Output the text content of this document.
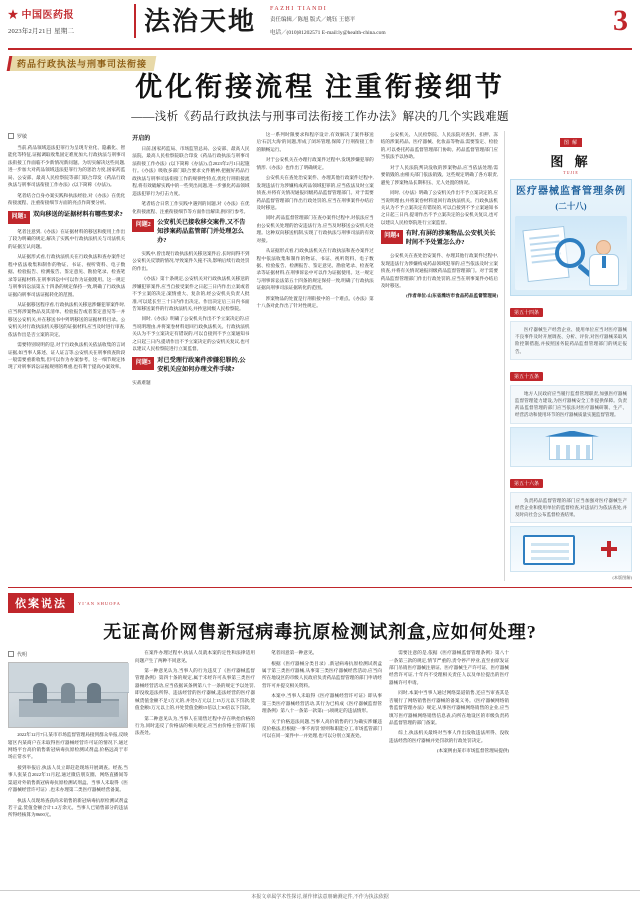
★ 中国医药报
2023年2月21日 星期二	法治天地 FAZHI TIANDI
责任编辑／陈旭 版式／姚钰 王德平
电话／(010)81202571 E-mail:ly@health-china.com	3
药品行政执法与刑事司法衔接
优化衔接流程 注重衔接细节
——浅析《药品行政执法与刑事司法衔接工作办法》解决的几个实践难题
罗敏

当前,药品领域违法犯罪行为呈现专业化、隐蔽化、智能化等特征,证据调取收集固定难度加大,行政执法与刑事司法衔接工作面临不少新情况新问题。为切实解决这些问题,进一步加大对药品领域违法犯罪行为的惩治力度,国家药监局、公安部、最高人民检察院等部门联合印发《药品行政执法与刑事司法衔接工作办法》(以下简称《办法》)。

笔者结合自身办案实践和执法经验,对《办法》在优化衔接流程、注重衔接细节方面的亮点作简要分析。

问题1	双向移送的证据材料有哪些要求?

笔者注意到,《办法》在证据材料的移送和使用上作出了较为明确的规定,解决了实践中行政执法机关与司法机关的证据互认问题。

从证据形式看,行政执法机关在行政执法和查办案件过程中依法收集和制作的物证、书证、视听资料、电子数据、检验报告、检测报告、鉴定意见、勘验笔录、检查笔录等证据材料,在刑事诉讼中可以作为证据使用。这一规定与刑事诉讼法第五十四条的规定保持一致,明确了行政执法证据向刑事司法证据转化的范围。

从证据移送程序看,行政执法机关移送涉嫌犯罪案件时,应当将涉案物品及其清单、检验报告或者鉴定意见等一并移送公安机关,并在移送书中列明移送的证据材料目录。公安机关对行政执法机关移送的证据材料,应当及时进行审查,依法作出是否立案的决定。

需要特别说明的是,对于行政执法机关依法收集的言词证据,如当事人陈述、证人证言等,公安机关在刑事侦查阶段一般需要重新收集,但可以作为办案参考。这一细节规定体现了对刑事诉讼证据规则的尊重,也有利于提高办案效率。

开启的

日前,国家药监局、市场监管总局、公安部、最高人民法院、最高人民检察院联合印发《药品行政执法与刑事司法衔接工作办法》(以下简称《办法》),自2023年2月1日起施行。《办法》吸收多部门联合要求文件精神,把握好药品行政执法与刑事司法衔接工作的规律性特点,优化行刑衔接流程,将有效破解实践中的一些突出问题,进一步强化药品领域违法犯罪行为打击力度。

笔者结合日常工作实践中遇到的问题,对《办法》在优化衔接流程、注重衔接细节等方面作出解读,供同行参考。

问题2	公安机关已接收移交案件,又不告知涉案药品监管部门并处理怎么办?

实践中,曾出现行政执法机关移送案件后,长时间得不到公安机关反馈的情况,导致案件久拖不决,影响后续行政处罚的作出。

《办法》第十条规定,公安机关对行政执法机关移送的涉嫌犯罪案件,应当自接受案件之日起三日内作出立案或者不予立案的决定;案情重大、复杂的,经公安机关负责人批准,可以延长至三十日内作出决定。作出决定后三日内书面告知移送案件的行政执法机关,并抄送同级人民检察院。

同时,《办法》明确了公安机关作出不予立案决定的,应当说明理由,并将案卷材料退回行政执法机关。行政执法机关认为不予立案决定有错误的,可以自接到不予立案通知书之日起三日内,提请作出不予立案决定的公安机关复议,也可以建议人民检察院进行立案监督。

问题3	对已受理行政案件涉嫌犯罪的,公安机关应如何办理文件手续?

实战难题

这一系列时限要求和程序设计,有效解决了案件移送后'石沉大海'的问题,形成了闭环管理,保障了行刑衔接工作的顺畅运行。

对于公安机关在办理行政案件过程中,发现涉嫌犯罪的情形,《办法》也作出了明确规定。

公安机关在查处治安案件、办理其他行政案件过程中,发现违法行为涉嫌构成药品领域犯罪的,应当依法及时立案侦查,并将有关情况通报同级药品监督管理部门。对于需要药品监督管理部门作出行政处罚的,应当在刑事案件办结后及时移送。

同时,药品监督管理部门在查办案件过程中,对依法应当由公安机关处理的治安违法行为,应当及时移送公安机关处理。这种双向移送机制,实现了行政执法与刑事司法的有效对接。

从证据形式看,行政执法机关在行政执法和查办案件过程中依法收集和制作的物证、书证、视听资料、电子数据、检验报告、检测报告、鉴定意见、勘验笔录、检查笔录等证据材料,在刑事诉讼中可以作为证据使用。这一规定与刑事诉讼法第五十四条的规定保持一致,明确了行政执法证据向刑事司法证据转化的范围。

涉案物品的处置是行刑衔接中的一个难点。《办法》第十八条对此作出了针对性规定。

公安机关、人民检察院、人民法院对查封、扣押、冻结的涉案药品、医疗器械、化妆品等物品,需要鉴定、检验的,可以委托药品监督管理部门协助。药品监督管理部门应当依法予以协助。

对于人民法院判决没收的涉案物品,应当依法处理;需要销毁的,由相关部门依法销毁。这些规定明确了各方职责,避免了涉案物品长期积压、无人处置的情况。

同时,《办法》明确了公安机关作出不予立案决定的,应当说明理由,并将案卷材料退回行政执法机关。行政执法机关认为不予立案决定有错误的,可以自接到不予立案通知书之日起三日内,提请作出不予立案决定的公安机关复议,也可以建议人民检察院进行立案监督。

问题4	有时,有屏的涉案物品,公安机关长时间不予处置怎么办?

公安机关在查处治安案件、办理其他行政案件过程中,发现违法行为涉嫌构成药品领域犯罪的,应当依法及时立案侦查,并将有关情况通报同级药品监督管理部门。对于需要药品监督管理部门作出行政处罚的,应当在刑事案件办结后及时移送。

(作者单位:山东省潍坊市食品药品监督管理局)

图 解
图 解
TUJIE
医疗器械监督管理条例
(二十八)
第五十四条
医疗器械生产经营企业、使用单位应当对医疗器械不良事件及时开展调查、分析、评价,对医疗器械采取风险控制措施,并按照国务院药品监督管理部门的规定报告。
第五十五条
地方人民政府应当履行监督管理职责,加强医疗器械监督管理能力建设,为医疗器械安全工作提供保障。负责药品监督管理的部门应当依法对医疗器械研制、生产、经营活动和使用环节的医疗器械质量实施监督管理。
第五十六条
负责药品监督管理的部门应当加强对医疗器械生产经营企业和使用单位的监督检查,对违法行为依法查处,并及时向社会公布监督检查结果。
(本版图解)
依案说法	YI'AN SHUOFA
无证高价网售新冠病毒抗原检测试剂盒,应如何处理?
代明

2022年12月7日,某市市场监督管理局接到群众举报,反映辖区内某商户在未取得医疗器械经营许可证的情况下,通过网络平台高价销售新冠病毒抗原检测试剂盒,价格远高于市场正常水平。

接到举报后,执法人员立即赶赴现场开展调查。经查,当事人张某自2022年11月起,通过微信朋友圈、网络直播间等渠道对外销售新冠病毒抗原检测试剂盒。当事人未取得《医疗器械经营许可证》,也未办理第二类医疗器械经营备案。

执法人员现场查获尚未销售的新冠病毒抗原检测试剂盒若干盒,货值金额合计1.2万余元。当事人已销售部分的违法所得经核算为8600元。

在案件办理过程中,执法人员就本案的定性和法律适用问题产生了两种不同意见。

第一种意见认为,当事人的行为违反了《医疗器械监督管理条例》第四十条的规定,属于未经许可从事第三类医疗器械经营活动,应当依据该条例第八十一条的规定予以处罚,即没收违法所得、违法经营的医疗器械,违法经营的医疗器械货值金额不足1万元的,并处5万元以上15万元以下罚款;货值金额1万元以上的,并处货值金额15倍以上30倍以下罚款。

第二种意见认为,当事人在销售过程中存在哄抬价格的行为,同时违反了价格法的相关规定,应当由价格主管部门依法查处。

笔者同意第一种意见。

根据《医疗器械分类目录》,新冠病毒抗原检测试剂盒属于第三类医疗器械,从事第三类医疗器械经营活动,应当向所在地设区的市级人民政府负责药品监督管理的部门申请经营许可并提交相关资料。

本案中,当事人未取得《医疗器械经营许可证》即从事第三类医疗器械经营活动,其行为已构成《医疗器械监督管理条例》第八十一条第一款第(一)项规定的违法情形。

关于价格违法问题,当事人高价销售的行为确实涉嫌违反价格法,但根据'一事不再罚'原则和职能分工,市场监管部门可以在同一案件中一并处理,也可以分别立案查处。

需要注意的是,依据《医疗器械监督管理条例》第八十一条第三款的规定,情节严重的,责令停产停业,直至由原发证部门吊销医疗器械注册证、医疗器械生产许可证、医疗器械经营许可证,十年内不受理相关责任人以及单位提出的医疗器械许可申请。

同时,本案中当事人通过网络渠道销售,还应当审查其是否履行了网络销售医疗器械的备案义务。《医疗器械网络销售监督管理办法》规定,从事医疗器械网络销售的企业,应当填写医疗器械网络销售信息表,向所在地设区的市级负责药品监督管理的部门备案。

综上,执法机关最终对当事人作出没收违法所得、没收违法经营的医疗器械并处罚款的行政处罚决定。

(本案例由某市市场监督管理局提供)

本报文章属学术性探讨,谨作律法意朋确测定件,不作为执法依据
